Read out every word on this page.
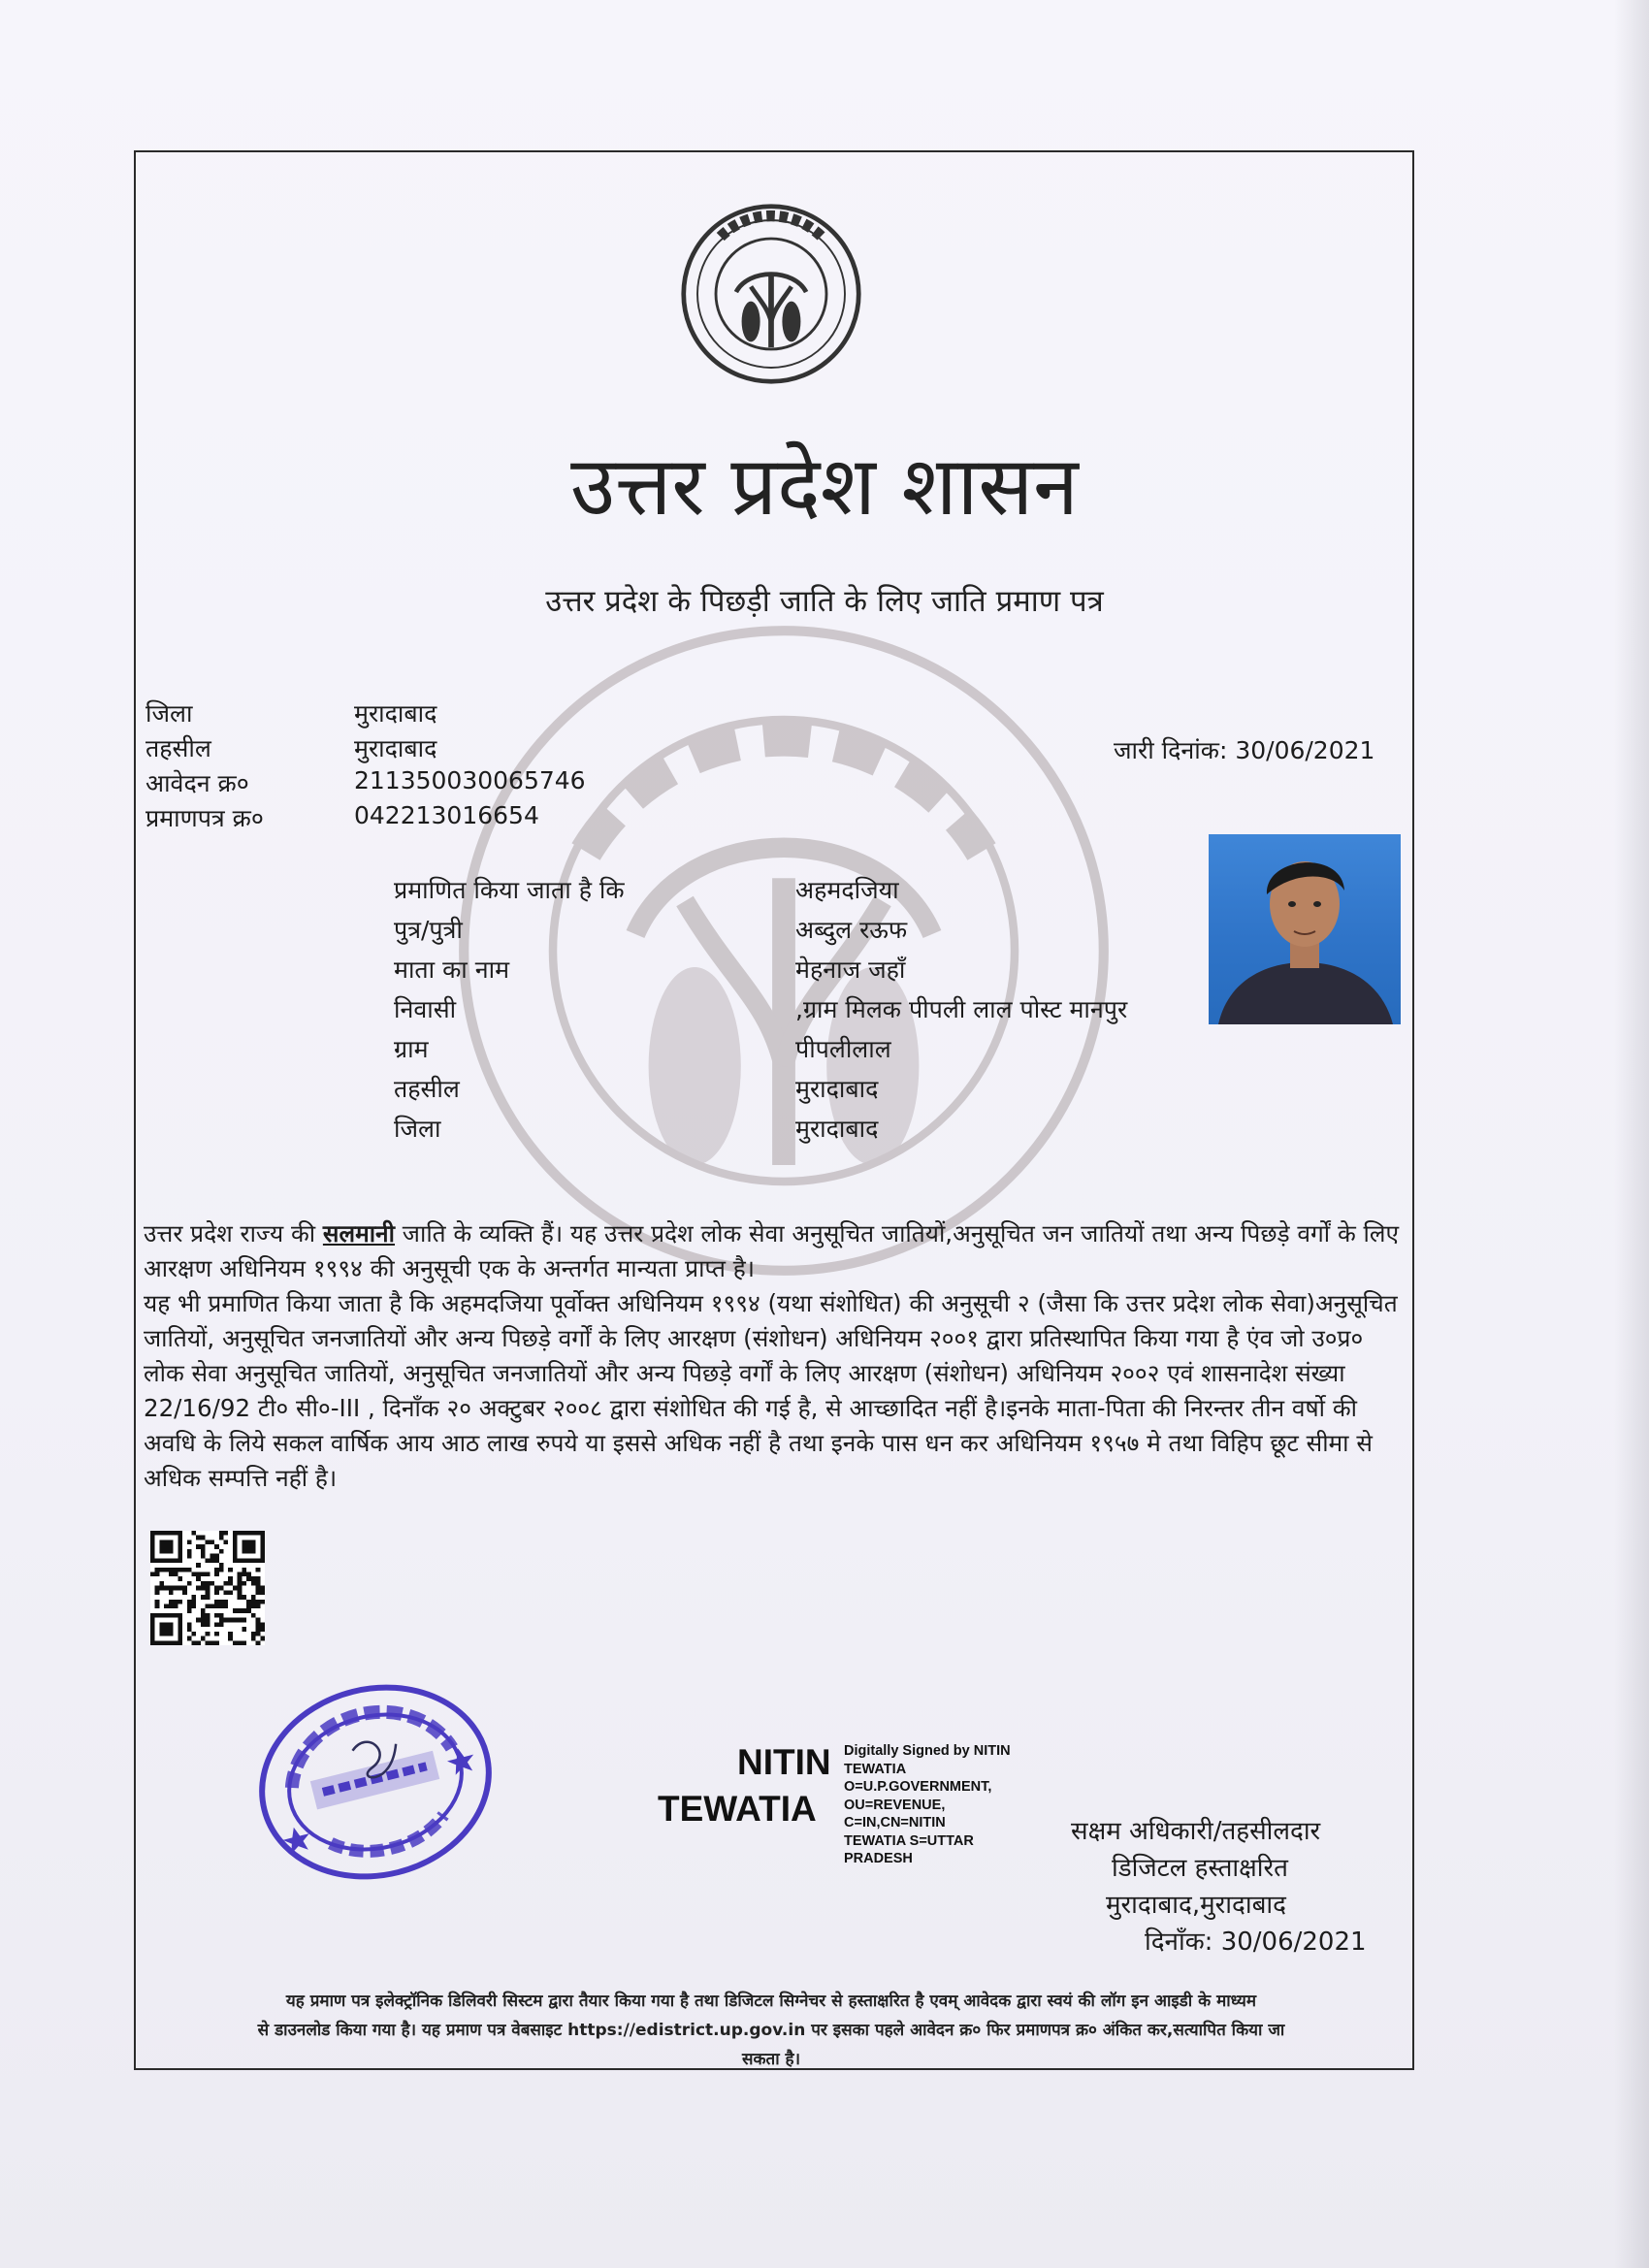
उत्तर प्रदेश शासन
उत्तर प्रदेश के पिछड़ी जाति के लिए जाति प्रमाण पत्र
जिला	मुरादाबाद
तहसील	मुरादाबाद
आवेदन क्र०	211350030065746
प्रमाणपत्र क्र०	042213016654
जारी दिनांक: 30/06/2021
प्रमाणित किया जाता है कि	अहमदजिया
पुत्र/पुत्री	अब्दुल रऊफ
माता का नाम	मेहनाज जहाँ
निवासी	,ग्राम मिलक पीपली लाल पोस्ट मानपुर
ग्राम	पीपलीलाल
तहसील	मुरादाबाद
जिला	मुरादाबाद

उत्तर प्रदेश राज्य की सलमानी जाति के व्यक्ति हैं। यह उत्तर प्रदेश लोक सेवा अनुसूचित जातियों,अनुसूचित जन जातियों तथा अन्य पिछड़े वर्गों के लिए आरक्षण अधिनियम १९९४ की अनुसूची एक के अन्तर्गत मान्यता प्राप्त है।

यह भी प्रमाणित किया जाता है कि अहमदजिया पूर्वोक्त अधिनियम १९९४ (यथा संशोधित) की अनुसूची २ (जैसा कि उत्तर प्रदेश लोक सेवा)अनुसूचित जातियों, अनुसूचित जनजातियों और अन्य पिछड़े वर्गों के लिए आरक्षण (संशोधन) अधिनियम २००१ द्वारा प्रतिस्थापित किया गया है एंव जो उ०प्र० लोक सेवा अनुसूचित जातियों, अनुसूचित जनजातियों और अन्य पिछड़े वर्गों के लिए आरक्षण (संशोधन) अधिनियम २००२ एवं शासनादेश संख्या 22/16/92 टी० सी०-III , दिनाँक २० अक्टुबर २००८ द्वारा संशोधित की गई है, से आच्छादित नहीं है।इनके माता-पिता की निरन्तर तीन वर्षो की अवधि के लिये सकल वार्षिक आय आठ लाख रुपये या इससे अधिक नहीं है तथा इनके पास धन कर अधिनियम १९५७ मे तथा विहिप छूट सीमा से अधिक सम्पत्ति नहीं है।

NITIN
TEWATIA
Digitally Signed by NITIN
TEWATIA
O=U.P.GOVERNMENT,
OU=REVENUE,
C=IN,CN=NITIN
TEWATIA S=UTTAR
PRADESH
सक्षम अधिकारी/तहसीलदार
डिजिटल हस्ताक्षरित
मुरादाबाद,मुरादाबाद
दिनाँक: 30/06/2021

यह प्रमाण पत्र इलेक्ट्रॉनिक डिलिवरी सिस्टम द्वारा तैयार किया गया है तथा डिजिटल सिग्नेचर से हस्ताक्षरित है एवम् आवेदक द्वारा स्वयं की लॉग इन आइडी के माध्यम

से डाउनलोड किया गया है। यह प्रमाण पत्र वेबसाइट https://edistrict.up.gov.in पर इसका पहले आवेदन क्र० फिर प्रमाणपत्र क्र० अंकित कर,सत्यापित किया जा

सकता है।
